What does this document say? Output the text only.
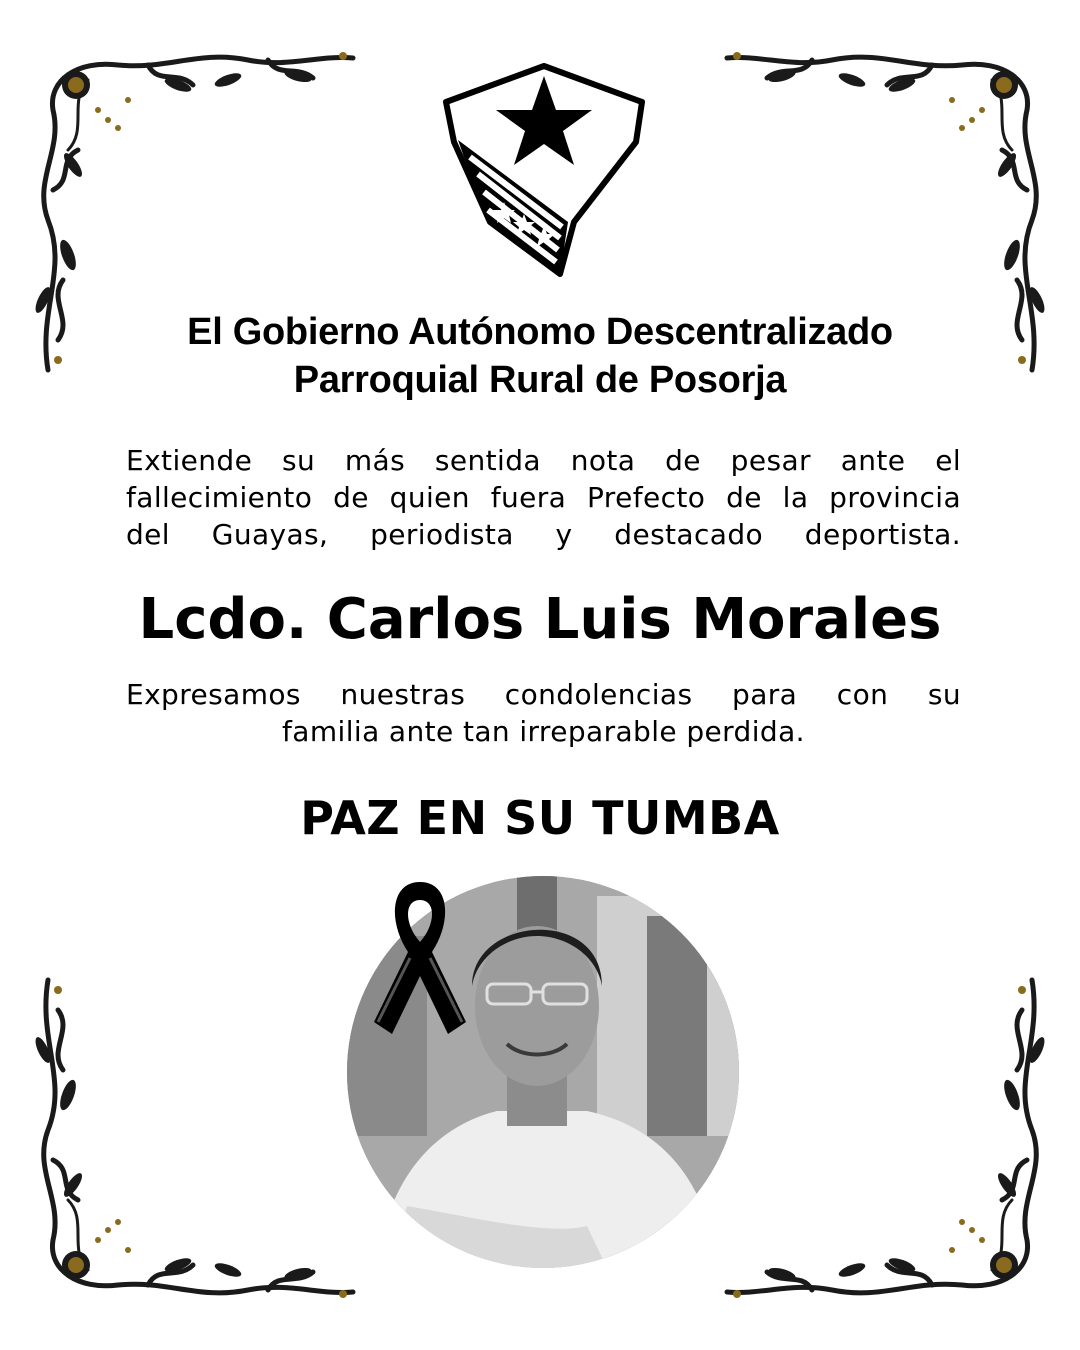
El Gobierno Autónomo Descentralizado
Parroquial Rural de Posorja
Extiende su más sentida nota de pesar ante el
fallecimiento de quien fuera Prefecto de la provincia
del Guayas, periodista y destacado deportista.
Lcdo. Carlos Luis Morales
Expresamos nuestras condolencias para con su
familia ante tan irreparable perdida.
PAZ EN SU TUMBA
